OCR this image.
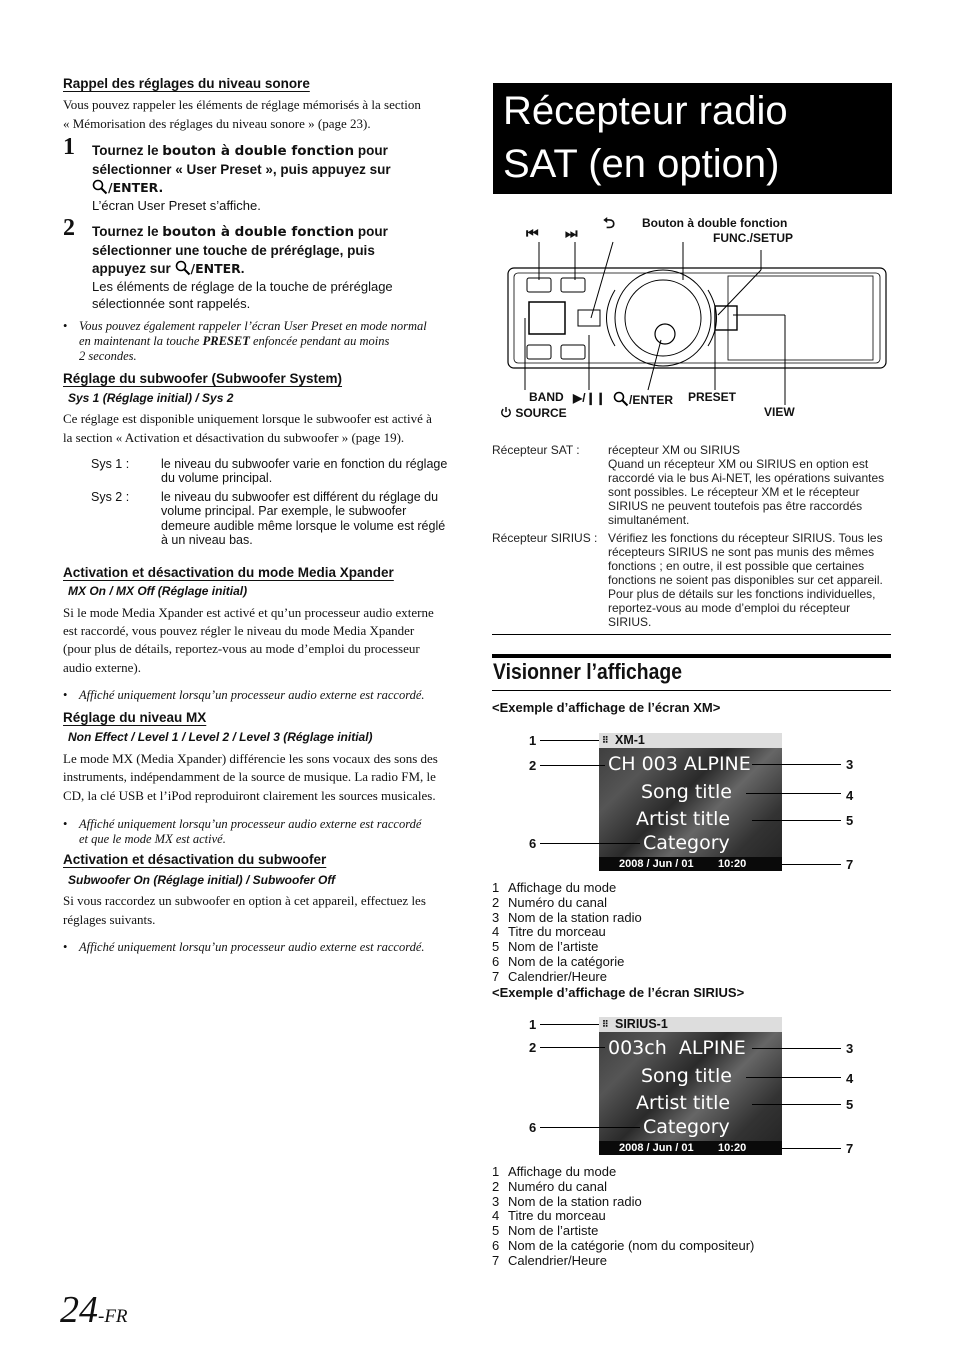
Rappel des réglages du niveau sonore
Vous pouvez rappeler les éléments de réglage mémorisés à la section
« Mémorisation des réglages du niveau sonore » (page 23).
1 Tournez le bouton à double fonction pour
sélectionner « User Preset », puis appuyez sur
/ENTER.
L’écran User Preset s’affiche.
2 Tournez le bouton à double fonction pour
sélectionner une touche de préréglage, puis
appuyez sur /ENTER.
Les éléments de réglage de la touche de préréglage
sélectionnée sont rappelés.
• Vous pouvez également rappeler l’écran User Preset en mode normal
en maintenant la touche PRESET enfoncée pendant au moins
2 secondes.
Réglage du subwoofer (Subwoofer System)
Sys 1 (Réglage initial) / Sys 2
Ce réglage est disponible uniquement lorsque le subwoofer est activé à
la section « Activation et désactivation du subwoofer » (page 19).
Sys 1 :	le niveau du subwoofer varie en fonction du réglage
du volume principal.
Sys 2 :	le niveau du subwoofer est différent du réglage du
volume principal. Par exemple, le subwoofer
demeure audible même lorsque le volume est réglé
à un niveau bas.
Activation et désactivation du mode Media Xpander
MX On / MX Off (Réglage initial)
Si le mode Media Xpander est activé et qu’un processeur audio externe
est raccordé, vous pouvez régler le niveau du mode Media Xpander
(pour plus de détails, reportez-vous au mode d’emploi du processeur
audio externe).
• Affiché uniquement lorsqu’un processeur audio externe est raccordé.
Réglage du niveau MX
Non Effect / Level 1 / Level 2 / Level 3 (Réglage initial)
Le mode MX (Media Xpander) différencie les sons vocaux des sons des
instruments, indépendamment de la source de musique. La radio FM, le
CD, la clé USB et l’iPod reproduiront clairement les sources musicales.
• Affiché uniquement lorsqu’un processeur audio externe est raccordé
et que le mode MX est activé.
Activation et désactivation du subwoofer
Subwoofer On (Réglage initial) / Subwoofer Off
Si vous raccordez un subwoofer en option à cet appareil, effectuez les
réglages suivants.
• Affiché uniquement lorsqu’un processeur audio externe est raccordé.
24-FR
Récepteur radio
SAT (en option)
⏮ ⏭
⮌ Bouton à double fonction
FUNC./SETUP
BAND
SOURCE
▶/❙❙	/ENTER PRESET
VIEW
Récepteur SAT : récepteur XM ou SIRIUS
Quand un récepteur XM ou SIRIUS en option est
raccordé via le bus Ai-NET, les opérations suivantes
sont possibles. Le récepteur XM et le récepteur
SIRIUS ne peuvent toutefois pas être raccordés
simultanément.
Récepteur SIRIUS : Vérifiez les fonctions du récepteur SIRIUS. Tous les
récepteurs SIRIUS ne sont pas munis des mêmes
fonctions ; en outre, il est possible que certaines
fonctions ne soient pas disponibles sur cet appareil.
Pour plus de détails sur les fonctions individuelles,
reportez-vous au mode d’emploi du récepteur
SIRIUS.
Visionner l’affichage
<Exemple d’affichage de l’écran XM>
⠿ XM-1
CH 003 ALPINE
Song title
Artist title
Category
2008 / Jun / 01        10:20
1
2
6
3
4
5
7
1 Affichage du mode
2 Numéro du canal
3 Nom de la station radio
4 Titre du morceau
5 Nom de l’artiste
6 Nom de la catégorie
7 Calendrier/Heure
<Exemple d’affichage de l’écran SIRIUS>
⠿ SIRIUS-1
003ch  ALPINE
Song title
Artist title
Category
2008 / Jun / 01        10:20
1
2
6
3
4
5
7
1 Affichage du mode
2 Numéro du canal
3 Nom de la station radio
4 Titre du morceau
5 Nom de l’artiste
6 Nom de la catégorie (nom du compositeur)
7 Calendrier/Heure
